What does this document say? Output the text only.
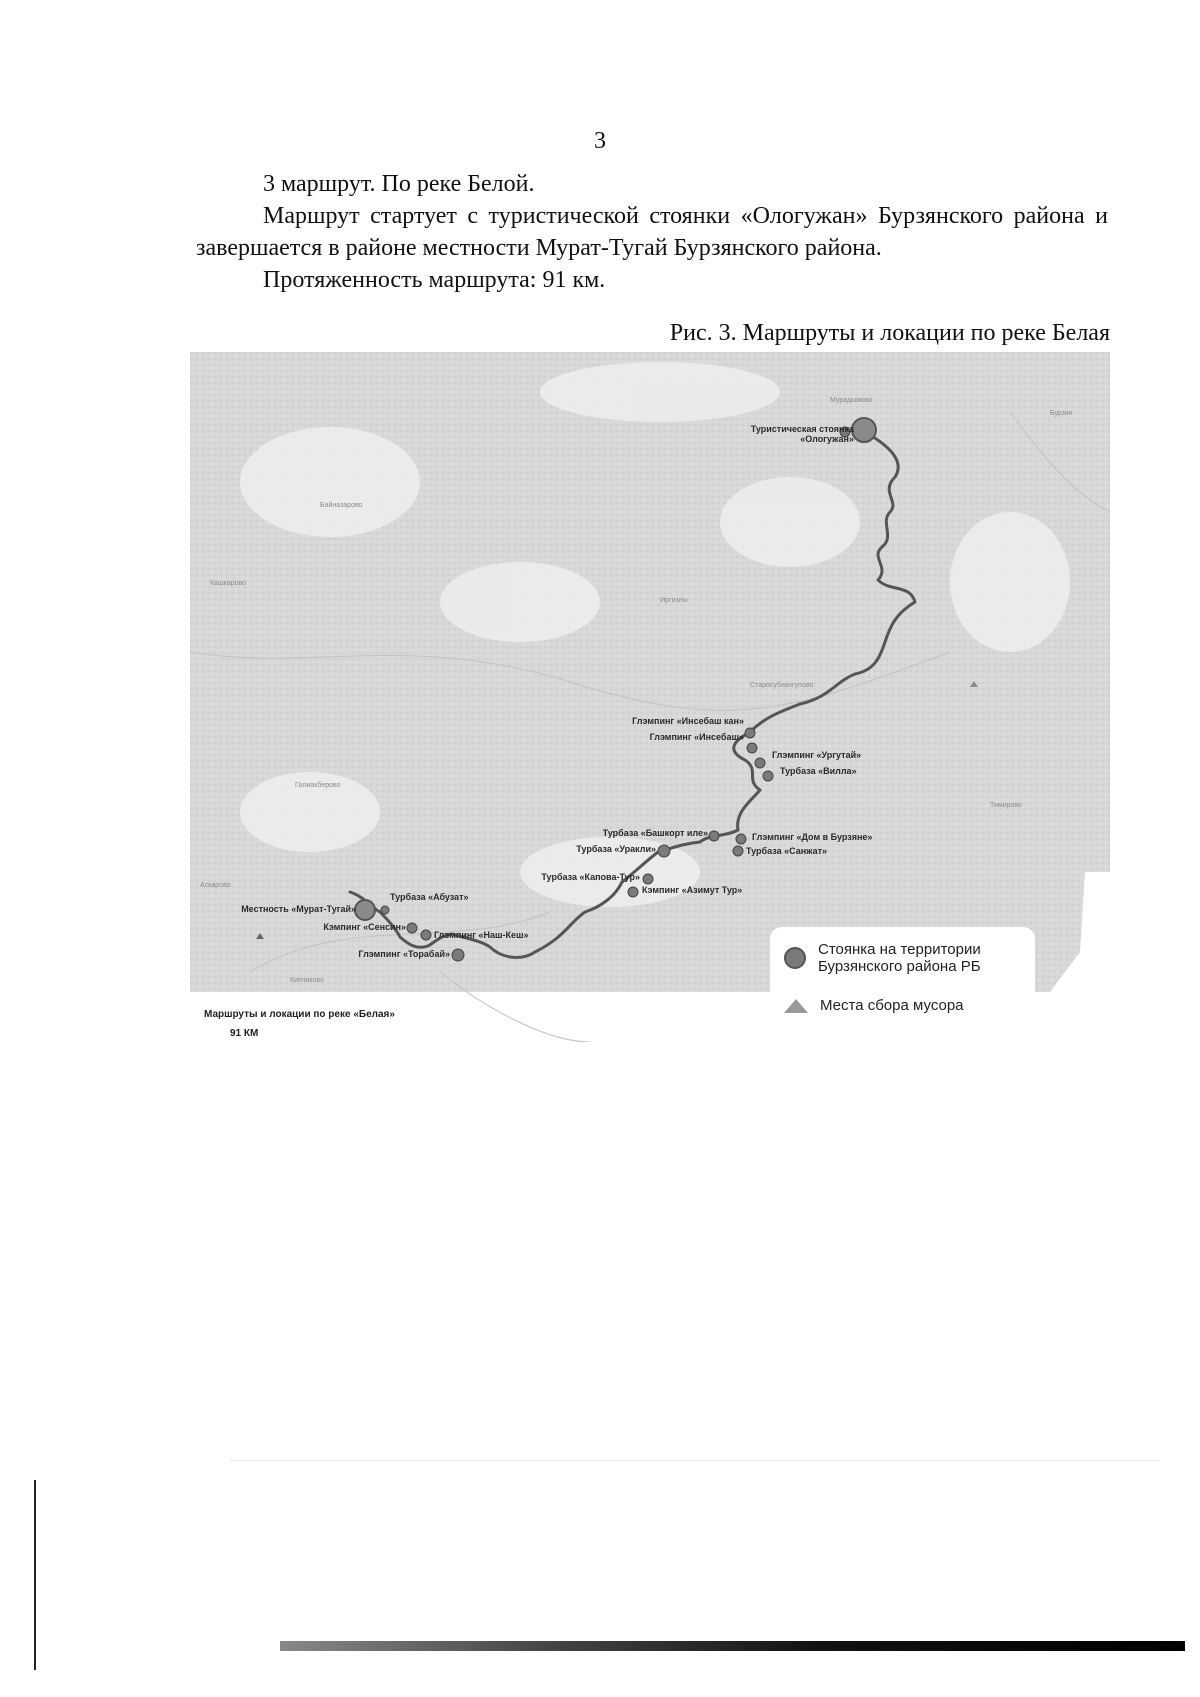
3
3 маршрут. По реке Белой.
Маршрут стартует с туристической стоянки «Ологужан» Бурзянского района и завершается в районе местности Мурат-Тугай Бурзянского района.
Протяженность маршрута: 91 км.
Рис. 3. Маршруты и локации по реке Белая
Мурадымово
Бурзян
Байназарово
Иргизлы
Кашкарово
Старосубхангулово
Галиакберово
Аскарово
Кипчаково
Тимирово
Туристическая стоянка
«Ологужан»
Глэмпинг «Инсебаш кан»
Глэмпинг «Инсебаш»
Глэмпинг «Ургутай»
Турбаза «Вилла»
Турбаза «Башкорт иле»
Турбаза «Уракли»
Глэмпинг «Дом в Бурзяне»
Турбаза «Санжат»
Турбаза «Капова-Тур»
Кэмпинг «Азимут Тур»
Местность «Мурат-Тугай»
Турбаза «Абузат»
Кэмпинг «Сенсин»
Глэмпинг «Наш-Кеш»
Глэмпинг «Торабай»	Стоянка на территории
Бурзянского района РБ
Места сбора мусора
Маршруты и локации по реке «Белая»
91 КМ
